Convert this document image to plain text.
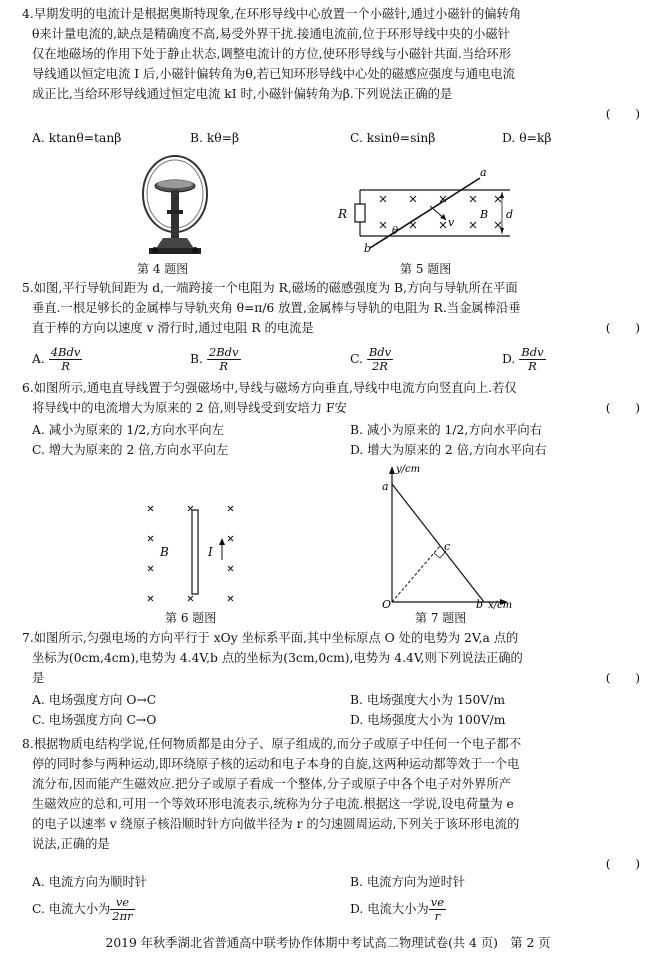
4.早期发明的电流计是根据奥斯特现象,在环形导线中心放置一个小磁针,通过小磁针的偏转角
θ来计量电流的,缺点是精确度不高,易受外界干扰.接通电流前,位于环形导线中央的小磁针
仅在地磁场的作用下处于静止状态,调整电流计的方位,使环形导线与小磁针共面.当给环形
导线通以恒定电流 I 后,小磁针偏转角为θ,若已知环形导线中心处的磁感应强度与通电电流
成正比,当给环形导线通过恒定电流 kI 时,小磁针偏转角为β.下列说法正确的是
(　　)
A. ktanθ=tanβ	B. kθ=β	C. ksinθ=sinβ	D. θ=kβ
第 4 题图
R
a
b
v
B d
θ
第 5 题图
5.如图,平行导轨间距为 d,一端跨接一个电阻为 R,磁场的磁感强度为 B,方向与导轨所在平面
垂直.一根足够长的金属棒与导轨夹角 θ=π/6 放置,金属棒与导轨的电阻为 R.当金属棒沿垂
直于棒的方向以速度 v 滑行时,通过电阻 R 的电流是	(　　)
A. $\frac{\text{4Bdv}}{R}$	B. $\frac{\text{2Bdv}}{R}$	C. $\frac{\text{Bdv}}{2R}$	D. $\frac{\text{Bdv}}{R}$
6.如图所示,通电直导线置于匀强磁场中,导线与磁场方向垂直,导线中电流方向竖直向上.若仅
将导线中的电流增大为原来的 2 倍,则导线受到安培力 F安	(　　)
A. 减小为原来的 1/2,方向水平向左	B. 减小为原来的 1/2,方向水平向右
C. 增大为原来的 2 倍,方向水平向左	D. 增大为原来的 2 倍,方向水平向右
B	I
第 6 题图
y/cm
x/cm
a
b
c
O
第 7 题图
7.如图所示,匀强电场的方向平行于 xOy 坐标系平面,其中坐标原点 O 处的电势为 2V,a 点的
坐标为(0cm,4cm),电势为 4.4V,b 点的坐标为(3cm,0cm),电势为 4.4V,则下列说法正确的
是	(　　)
A. 电场强度方向 O→C	B. 电场强度大小为 150V/m
C. 电场强度方向 C→O	D. 电场强度大小为 100V/m
8.根据物质电结构学说,任何物质都是由分子、原子组成的,而分子或原子中任何一个电子都不
停的同时参与两种运动,即环绕原子核的运动和电子本身的自旋,这两种运动都等效于一个电
流分布,因而能产生磁效应.把分子或原子看成一个整体,分子或原子中各个电子对外界所产
生磁效应的总和,可用一个等效环形电流表示,统称为分子电流.根据这一学说,设电荷量为 e
的电子以速率 v 绕原子核沿顺时针方向做半径为 r 的匀速圆周运动,下列关于该环形电流的
说法,正确的是
(　　)
A. 电流方向为顺时针	B. 电流方向为逆时针
C. 电流大小为 $\frac{ve}{2\pi r}$	D. 电流大小为 $\frac{ve}{r}$
2019 年秋季湖北省普通高中联考协作体期中考试高二物理试卷(共 4 页)　第 2 页
